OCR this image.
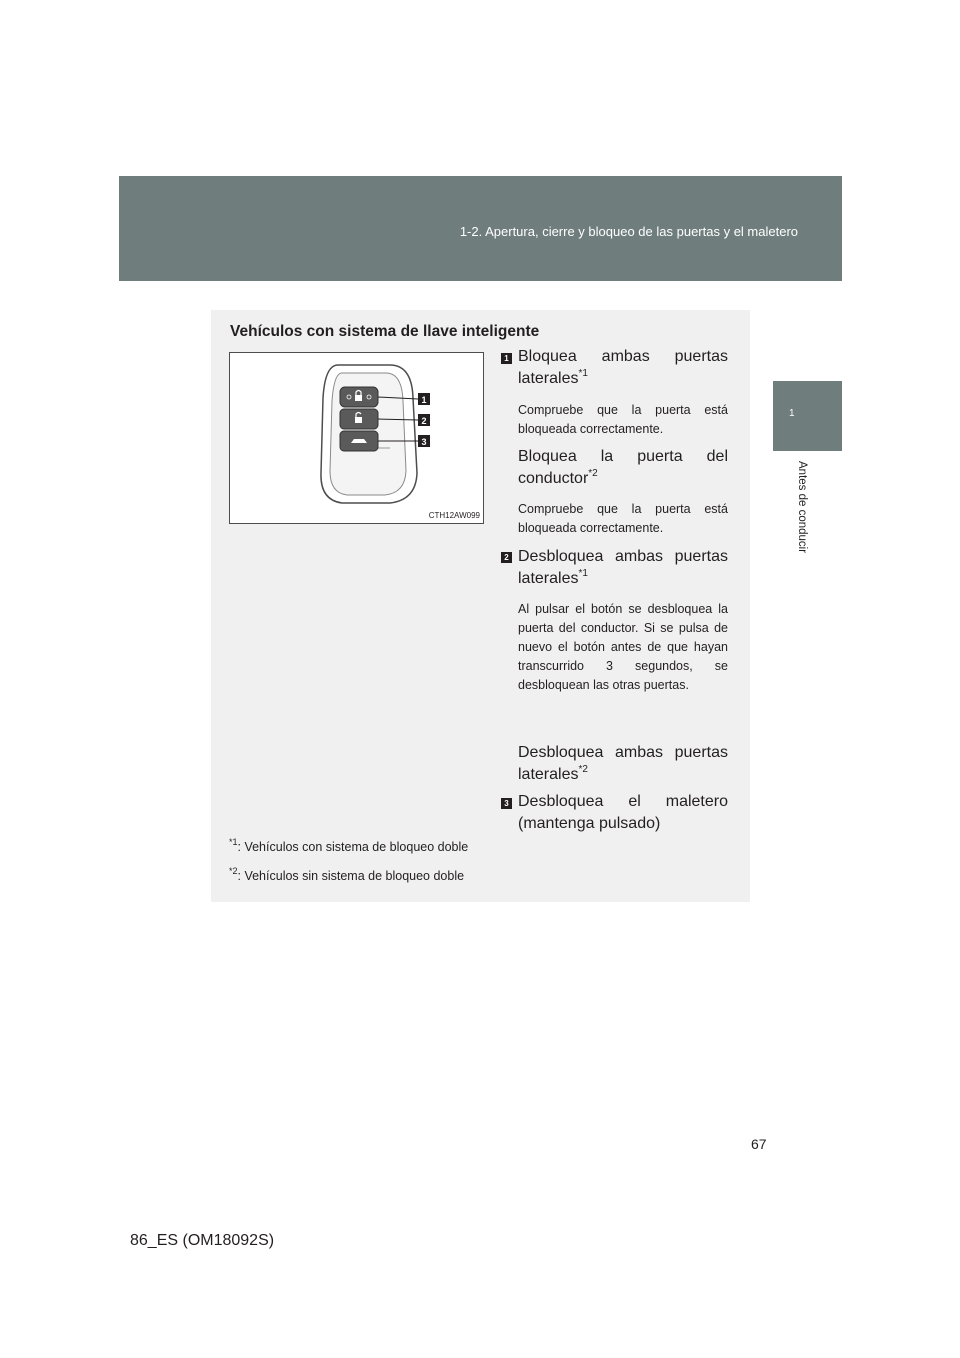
1-2. Apertura, cierre y bloqueo de las puertas y el maletero
1
Antes de conducir
Vehículos con sistema de llave inteligente
1
2
3
CTH12AW099
1 Bloquea ambas puertas laterales$^{*1}$
Compruebe que la puerta está bloqueada correctamente.
Bloquea la puerta del conductor$^{*2}$
Compruebe que la puerta está bloqueada correctamente.
2 Desbloquea ambas puertas laterales$^{*1}$
Al pulsar el botón se desbloquea la puerta del conductor. Si se pulsa de nuevo el botón antes de que hayan transcurrido 3 segundos, se desbloquean las otras puertas.
Desbloquea ambas puertas laterales$^{*2}$
3 Desbloquea el maletero (mantenga pulsado)
$^{*1}$: Vehículos con sistema de bloqueo doble
$^{*2}$: Vehículos sin sistema de bloqueo doble
67
86_ES (OM18092S)
